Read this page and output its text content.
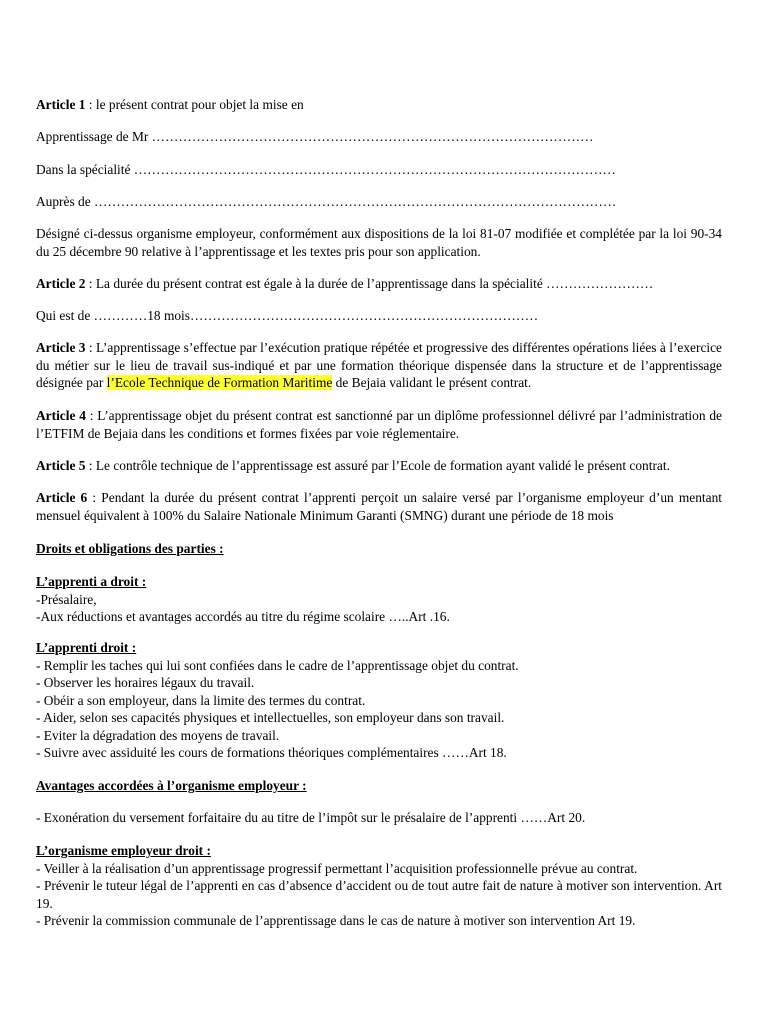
Article 1 : le présent contrat pour objet la mise en

Apprentissage de Mr ………………………………………………………………………………………

Dans la spécialité ………………………………………………………………………………………………

Auprès de ………………………………………………………………………………………………………

Désigné ci-dessus organisme employeur, conformément aux dispositions de la loi 81-07 modifiée et complétée par la loi 90-34 du 25 décembre 90 relative à l’apprentissage et les textes pris pour son application.

Article 2 : La durée du présent contrat est égale à la durée de l’apprentissage dans la spécialité ……………………

Qui est de …………18 mois……………………………………………………………………

Article 3 : L’apprentissage s’effectue par l’exécution pratique répétée et progressive des différentes opérations liées à l’exercice du métier sur le lieu de travail sus-indiqué et par une formation théorique dispensée dans la structure et de l’apprentissage désignée par l’Ecole Technique de Formation Maritime de Bejaia validant le présent contrat.

Article 4 : L’apprentissage objet du présent contrat est sanctionné par un diplôme professionnel délivré par l’administration de l’ETFIM de Bejaia dans les conditions et formes fixées par voie réglementaire.

Article 5 : Le contrôle technique de l’apprentissage est assuré par l’Ecole de formation ayant validé le présent contrat.

Article 6 : Pendant la durée du présent contrat l’apprenti perçoit un salaire versé par l’organisme employeur d’un mentant mensuel équivalent à 100% du Salaire Nationale Minimum Garanti (SMNG) durant une période de 18 mois

Droits et obligations des parties :

L’apprenti a droit :
-Présalaire,
-Aux réductions et avantages accordés au titre du régime scolaire …..Art .16.
L’apprenti droit :
- Remplir les taches qui lui sont confiées dans le cadre de l’apprentissage objet du contrat.
- Observer les horaires légaux du travail.
- Obéir a son employeur, dans la limite des termes du contrat.
- Aider, selon ses capacités physiques et intellectuelles, son employeur dans son travail.
- Eviter la dégradation des moyens de travail.
- Suivre avec assiduité les cours de formations théoriques complémentaires ……Art 18.

Avantages accordées à l’organisme employeur :

- Exonération du versement forfaitaire du au titre de l’impôt sur le présalaire de l’apprenti ……Art 20.

L’organisme employeur droit :
- Veiller à la réalisation d’un apprentissage progressif permettant l’acquisition professionnelle prévue au contrat.
- Prévenir le tuteur légal de l’apprenti en cas d’absence d’accident ou de tout autre fait de nature à motiver son intervention. Art 19.
- Prévenir la commission communale de l’apprentissage dans le cas de nature à motiver son intervention Art 19.
